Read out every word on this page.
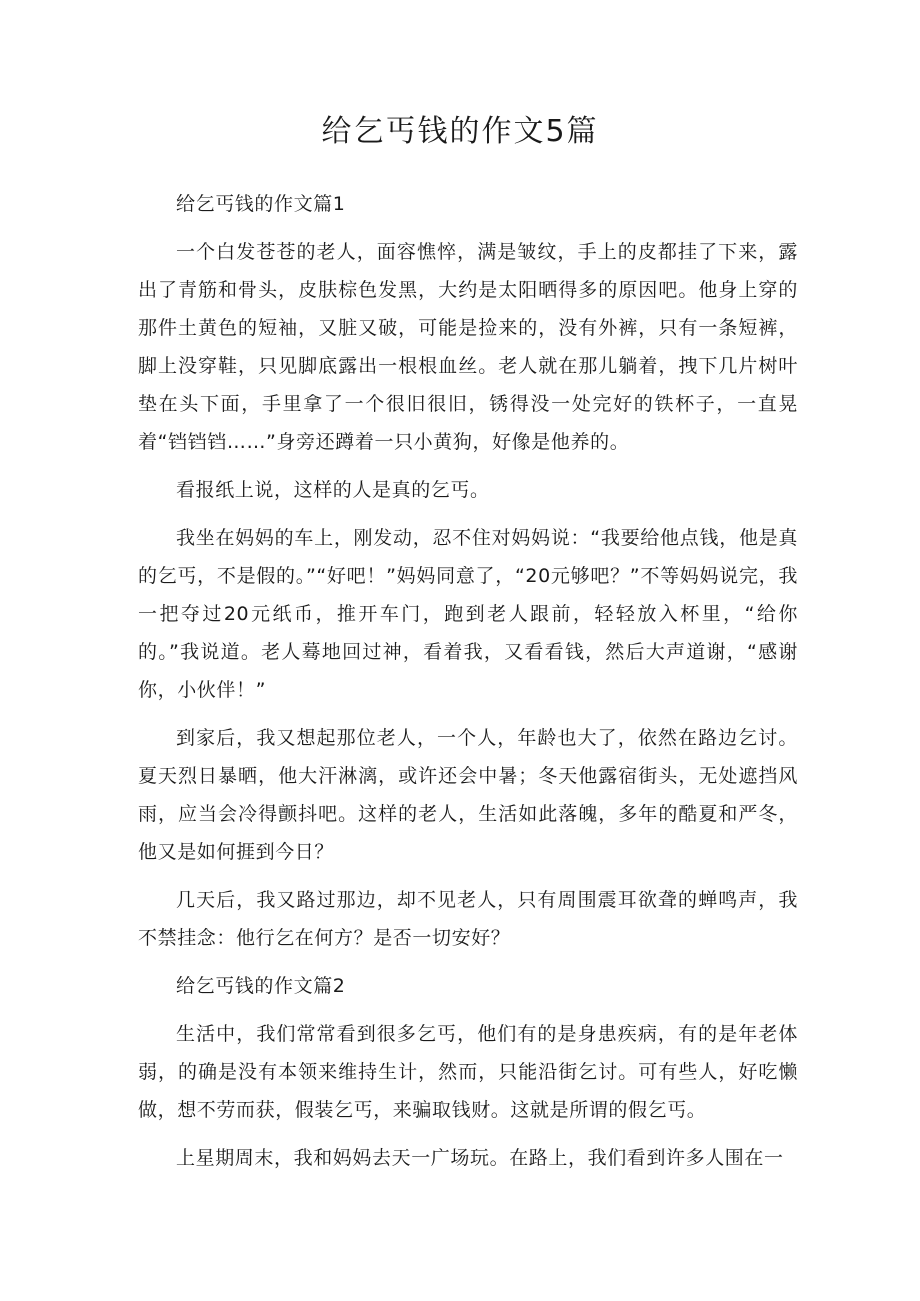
给乞丐钱的作文5篇

给乞丐钱的作文篇1

一个白发苍苍的老人，面容憔悴，满是皱纹，手上的皮都挂了下来，露出了青筋和骨头，皮肤棕色发黑，大约是太阳晒得多的原因吧。他身上穿的那件土黄色的短袖，又脏又破，可能是捡来的，没有外裤，只有一条短裤，脚上没穿鞋，只见脚底露出一根根血丝。老人就在那儿躺着，拽下几片树叶垫在头下面，手里拿了一个很旧很旧，锈得没一处完好的铁杯子，一直晃着“铛铛铛……”身旁还蹲着一只小黄狗，好像是他养的。

看报纸上说，这样的人是真的乞丐。

我坐在妈妈的车上，刚发动，忍不住对妈妈说：“我要给他点钱，他是真的乞丐，不是假的。”“好吧！”妈妈同意了，“20元够吧？”不等妈妈说完，我一把夺过20元纸币，推开车门，跑到老人跟前，轻轻放入杯里，“给你的。”我说道。老人蓦地回过神，看着我，又看看钱，然后大声道谢，“感谢你，小伙伴！”

到家后，我又想起那位老人，一个人，年龄也大了，依然在路边乞讨。夏天烈日暴晒，他大汗淋漓，或许还会中暑；冬天他露宿街头，无处遮挡风雨，应当会冷得颤抖吧。这样的老人，生活如此落魄，多年的酷夏和严冬，他又是如何捱到今日？

几天后，我又路过那边，却不见老人，只有周围震耳欲聋的蝉鸣声，我不禁挂念：他行乞在何方？是否一切安好？

给乞丐钱的作文篇2

生活中，我们常常看到很多乞丐，他们有的是身患疾病，有的是年老体弱，的确是没有本领来维持生计，然而，只能沿街乞讨。可有些人，好吃懒做，想不劳而获，假装乞丐，来骗取钱财。这就是所谓的假乞丐。

上星期周末，我和妈妈去天一广场玩。在路上，我们看到许多人围在一
